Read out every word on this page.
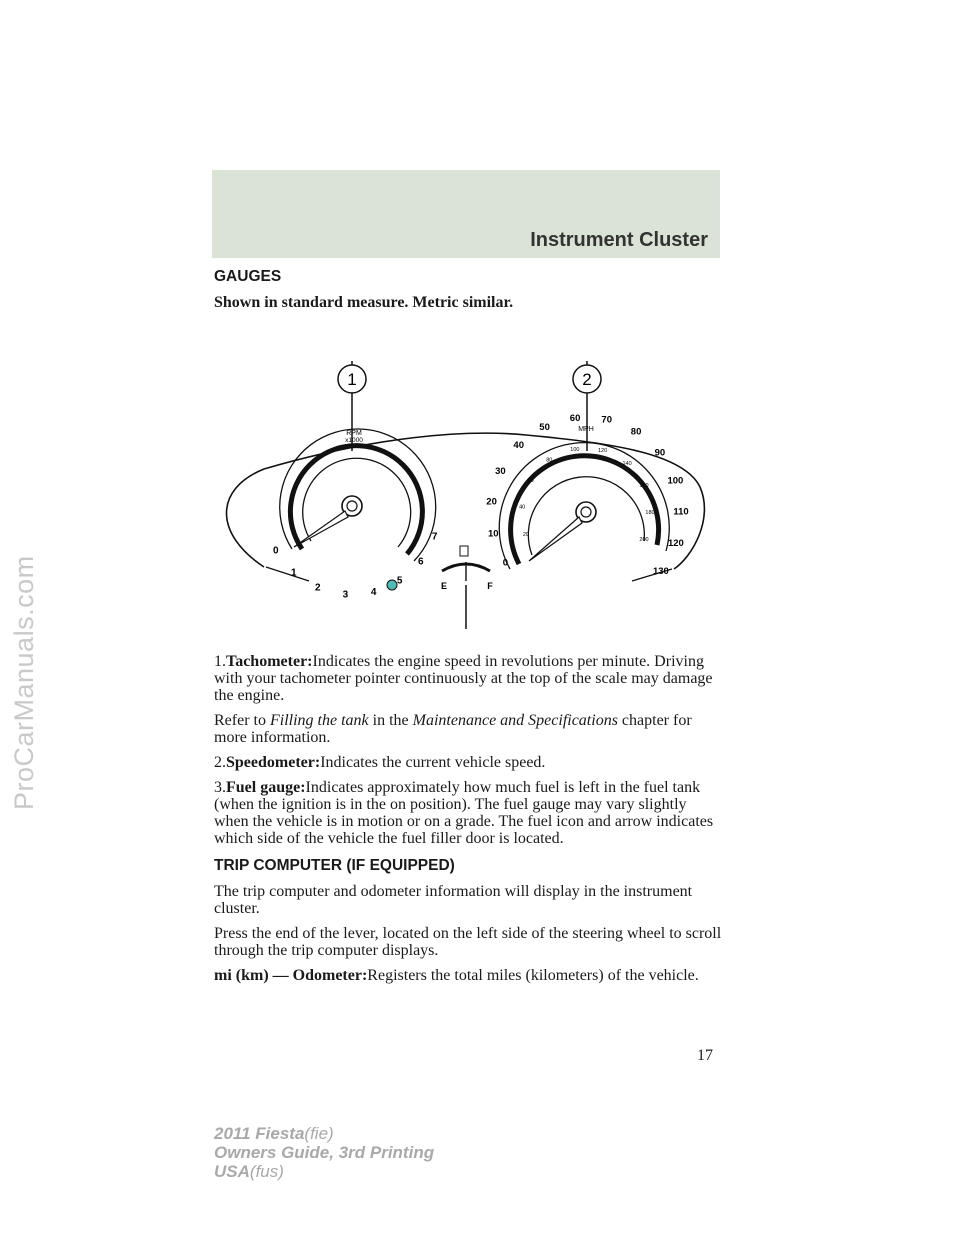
ProCarManuals.com
Instrument Cluster
GAUGES

Shown in standard measure. Metric similar.

1	2
0
1
2
3 4
5
6
7
RPM
x1000
0
10
20
30
40
50
60 70
80
90
100
110
120
130
20
40
60
80
100	120
140
160
180
200
MPH
E	F

1.Tachometer:Indicates the engine speed in revolutions per minute. Driving with your tachometer pointer continuously at the top of the scale may damage the engine.

Refer to Filling the tank in the Maintenance and Specifications chapter for more information.

2.Speedometer:Indicates the current vehicle speed.

3.Fuel gauge:Indicates approximately how much fuel is left in the fuel tank (when the ignition is in the on position). The fuel gauge may vary slightly when the vehicle is in motion or on a grade. The fuel icon and arrow indicates which side of the vehicle the fuel filler door is located.

TRIP COMPUTER (IF EQUIPPED)

The trip computer and odometer information will display in the instrument cluster.

Press the end of the lever, located on the left side of the steering wheel to scroll through the trip computer displays.

mi (km) — Odometer:Registers the total miles (kilometers) of the vehicle.

17
2011 Fiesta(fie)
Owners Guide, 3rd Printing
USA(fus)
